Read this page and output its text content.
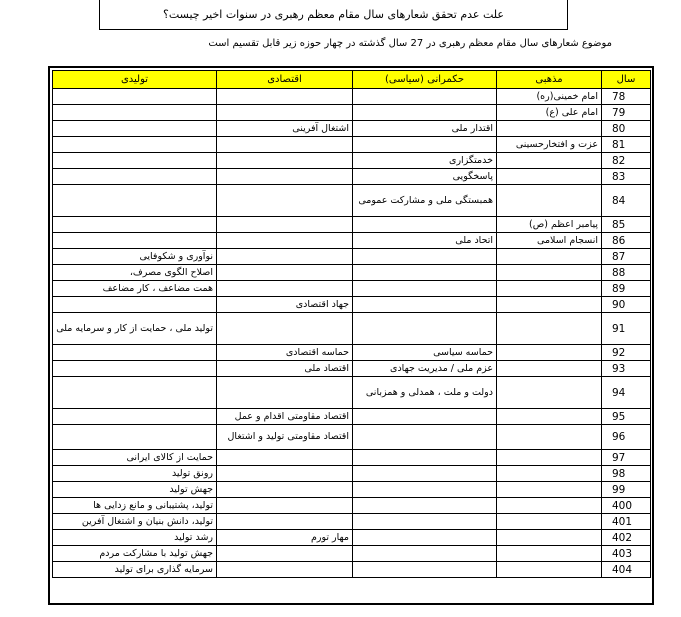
علت عدم تحقق شعارهای سال مقام معظم رهبری در سنوات اخیر چیست؟
موضوع شعارهای سال مقام معظم رهبری در 27 سال گذشته در چهار حوزه زیر قابل تقسیم است
سال	مذهبی	حکمرانی (سیاسی)	اقتصادی	تولیدی
78	امام خمینی(ره)			
79	امام علی (ع)			
80		اقتدار ملی	اشتغال آفرینی	
81	عزت و افتخارحسینی			
82		خدمتگزاری		
83		پاسخگویی		
84		همبستگی ملی و مشارکت عمومی		
85	پیامبر اعظم (ص)			
86	انسجام اسلامی	اتحاد ملی		
87				نوآوری و شکوفایی
88				اصلاح الگوی مصرف،
89				همت مضاعف ، کار مضاعف
90			جهاد اقتصادی	
91				تولید ملی ، حمایت از کار و سرمایه ملی
92		حماسه سیاسی	حماسه اقتصادی	
93		عزم ملی / مدیریت جهادی	اقتصاد ملی	
94		دولت و ملت ، همدلی و همزبانی		
95			اقتصاد مقاومتی اقدام و عمل	
96			اقتصاد مقاومتی تولید و اشتغال	
97				حمایت از کالای ایرانی
98				رونق تولید
99				جهش تولید
400				تولید، پشتیبانی و مانع زدایی ها
401				تولید، دانش بنیان و اشتغال آفرین
402			مهار تورم	رشد تولید
403				جهش تولید با مشارکت مردم
404				سرمایه گذاری برای تولید
